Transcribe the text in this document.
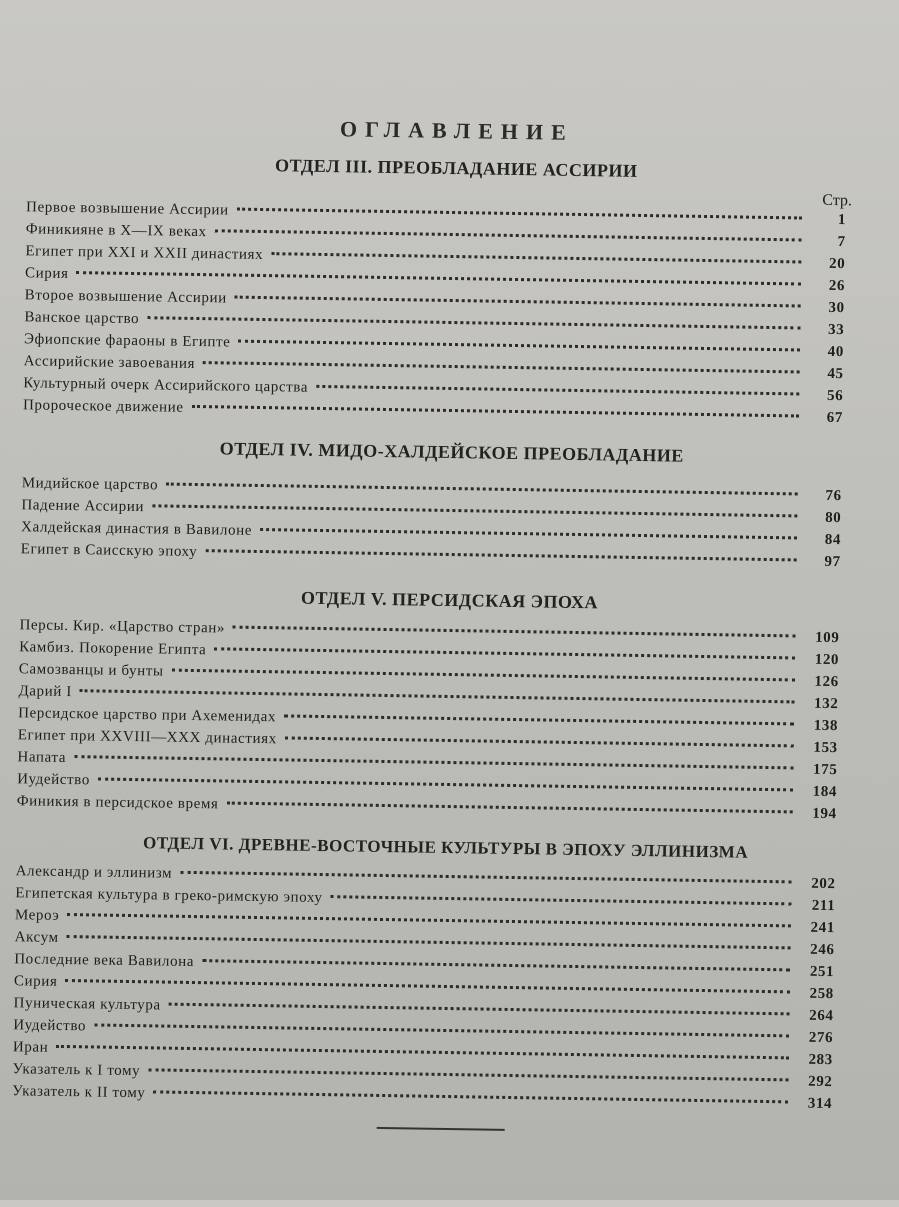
ОГЛАВЛЕНИЕ
ОТДЕЛ III. ПРЕОБЛАДАНИЕ АССИРИИ
Стр.
Первое возвышение Ассирии
1
Финикияне в X—IX веках
7
Египет при XXI и XXII династиях
20
Сирия
26
Второе возвышение Ассирии
30
Ванское царство
33
Эфиопские фараоны в Египте
40
Ассирийские завоевания
45
Культурный очерк Ассирийского царства
56
Пророческое движение
67
ОТДЕЛ IV. МИДО-ХАЛДЕЙСКОЕ ПРЕОБЛАДАНИЕ
Мидийское царство
76
Падение Ассирии
80
Халдейская династия в Вавилоне
84
Египет в Саисскую эпоху
97
ОТДЕЛ V. ПЕРСИДСКАЯ ЭПОХА
Персы. Кир. «Царство стран»
109
Камбиз. Покорение Египта
120
Самозванцы и бунты
126
Дарий I
132
Персидское царство при Ахеменидах
138
Египет при XXVIII—XXX династиях
153
Напата
175
Иудейство
184
Финикия в персидское время
194
ОТДЕЛ VI. ДРЕВНЕ-ВОСТОЧНЫЕ КУЛЬТУРЫ В ЭПОХУ ЭЛЛИНИЗМА
Александр и эллинизм
202
Египетская культура в греко-римскую эпоху	211
Мероэ
241
Аксум
246
Последние века Вавилона
251
Сирия
258
Пуническая культура
264
Иудейство
276
Иран
283
Указатель к I тому
292
Указатель к II тому
314
